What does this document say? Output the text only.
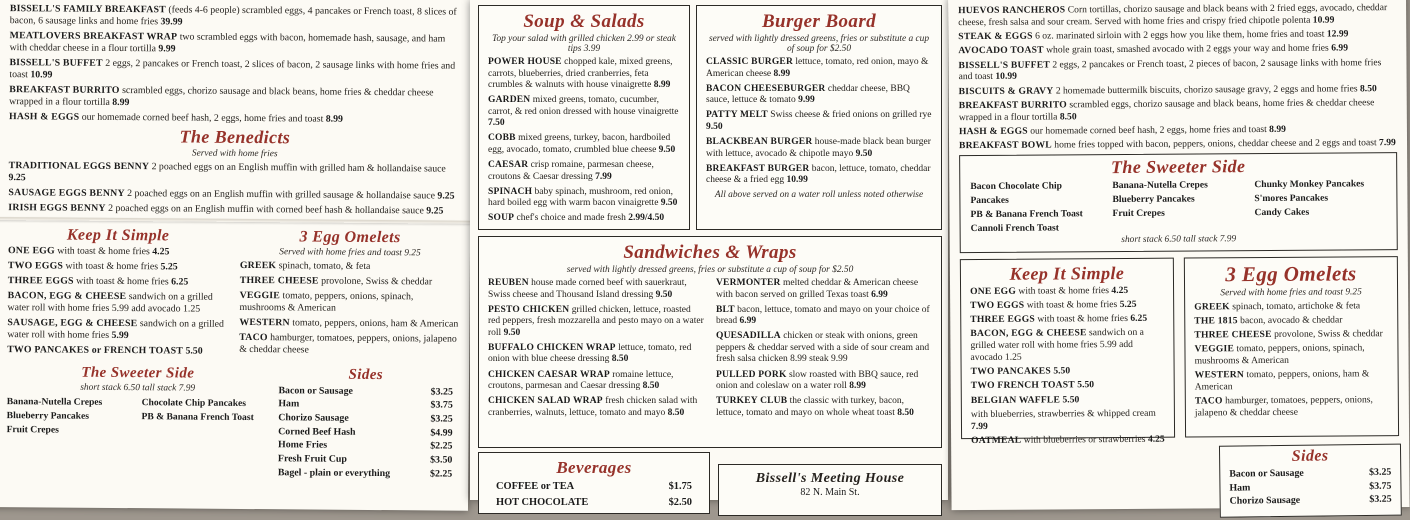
BISSELL'S FAMILY BREAKFAST (feeds 4-6 people) scrambled eggs, 4 pancakes or French toast, 8 slices of bacon, 6 sausage links and home fries 39.99

MEATLOVERS BREAKFAST WRAP two scrambled eggs with bacon, homemade hash, sausage, and ham with cheddar cheese in a flour tortilla 9.99

BISSELL'S BUFFET 2 eggs, 2 pancakes or French toast, 2 slices of bacon, 2 sausage links with home fries and toast 10.99

BREAKFAST BURRITO scrambled eggs, chorizo sausage and black beans, home fries & cheddar cheese wrapped in a flour tortilla 8.99

HASH & EGGS our homemade corned beef hash, 2 eggs, home fries and toast 8.99

The Benedicts

Served with home fries

TRADITIONAL EGGS BENNY 2 poached eggs on an English muffin with grilled ham & hollandaise sauce 9.25

SAUSAGE EGGS BENNY 2 poached eggs on an English muffin with grilled sausage & hollandaise sauce 9.25

IRISH EGGS BENNY 2 poached eggs on an English muffin with corned beef hash & hollandaise sauce 9.25

Keep It Simple

ONE EGG with toast & home fries 4.25

TWO EGGS with toast & home fries 5.25

THREE EGGS with toast & home fries 6.25

BACON, EGG & CHEESE sandwich on a grilled water roll with home fries 5.99 add avocado 1.25

SAUSAGE, EGG & CHEESE sandwich on a grilled water roll with home fries 5.99

TWO PANCAKES or FRENCH TOAST 5.50

3 Egg Omelets

Served with home fries and toast 9.25

GREEK spinach, tomato, & feta

THREE CHEESE provolone, Swiss & cheddar

VEGGIE tomato, peppers, onions, spinach, mushrooms & American

WESTERN tomato, peppers, onions, ham & American

TACO hamburger, tomatoes, peppers, onions, jalapeno & cheddar cheese

The Sweeter Side

short stack 6.50 tall stack 7.99

Banana-Nutella Crepes

Blueberry Pancakes

Fruit Crepes

Chocolate Chip Pancakes

PB & Banana French Toast

Sides
Bacon or Sausage	$3.25
Ham	$3.75
Chorizo Sausage	$3.25
Corned Beef Hash	$4.99
Home Fries	$2.25
Fresh Fruit Cup	$3.50
Bagel - plain or everything	$2.25
Soup & Salads

Top your salad with grilled chicken 2.99 or steak tips 3.99

POWER HOUSE chopped kale, mixed greens, carrots, blueberries, dried cranberries, feta crumbles & walnuts with house vinaigrette 8.99

GARDEN mixed greens, tomato, cucumber, carrot, & red onion dressed with house vinaigrette 7.50

COBB mixed greens, turkey, bacon, hardboiled egg, avocado, tomato, crumbled blue cheese 9.50

CAESAR crisp romaine, parmesan cheese, croutons & Caesar dressing 7.99

SPINACH baby spinach, mushroom, red onion, hard boiled egg with warm bacon vinaigrette 9.50

SOUP chef's choice and made fresh 2.99/4.50

Burger Board

served with lightly dressed greens, fries or substitute a cup of soup for $2.50

CLASSIC BURGER lettuce, tomato, red onion, mayo & American cheese 8.99

BACON CHEESEBURGER cheddar cheese, BBQ sauce, lettuce & tomato 9.99

PATTY MELT Swiss cheese & fried onions on grilled rye 9.50

BLACKBEAN BURGER house-made black bean burger with lettuce, avocado & chipotle mayo 9.50

BREAKFAST BURGER bacon, lettuce, tomato, cheddar cheese & a fried egg 10.99

All above served on a water roll unless noted otherwise

Sandwiches & Wraps

served with lightly dressed greens, fries or substitute a cup of soup for $2.50

REUBEN house made corned beef with sauerkraut, Swiss cheese and Thousand Island dressing 9.50

PESTO CHICKEN grilled chicken, lettuce, roasted red peppers, fresh mozzarella and pesto mayo on a water roll 9.50

BUFFALO CHICKEN WRAP lettuce, tomato, red onion with blue cheese dressing 8.50

CHICKEN CAESAR WRAP romaine lettuce, croutons, parmesan and Caesar dressing 8.50

CHICKEN SALAD WRAP fresh chicken salad with cranberries, walnuts, lettuce, tomato and mayo 8.50

VERMONTER melted cheddar & American cheese with bacon served on grilled Texas toast 6.99

BLT bacon, lettuce, tomato and mayo on your choice of bread 6.99

QUESADILLA chicken or steak with onions, green peppers & cheddar served with a side of sour cream and fresh salsa chicken 8.99 steak 9.99

PULLED PORK slow roasted with BBQ sauce, red onion and coleslaw on a water roll 8.99

TURKEY CLUB the classic with turkey, bacon, lettuce, tomato and mayo on whole wheat toast 8.50

Beverages
COFFEE or TEA	$1.75
HOT CHOCOLATE	$2.50

Bissell's Meeting House

82 N. Main St.

HUEVOS RANCHEROS Corn tortillas, chorizo sausage and black beans with 2 fried eggs, avocado, cheddar cheese, fresh salsa and sour cream. Served with home fries and crispy fried chipotle polenta 10.99

STEAK & EGGS 6 oz. marinated sirloin with 2 eggs how you like them, home fries and toast 12.99

AVOCADO TOAST whole grain toast, smashed avocado with 2 eggs your way and home fries 6.99

BISSELL'S BUFFET 2 eggs, 2 pancakes or French toast, 2 pieces of bacon, 2 sausage links with home fries and toast 10.99

BISCUITS & GRAVY 2 homemade buttermilk biscuits, chorizo sausage gravy, 2 eggs and home fries 8.50

BREAKFAST BURRITO scrambled eggs, chorizo sausage and black beans, home fries & cheddar cheese wrapped in a flour tortilla 8.50

HASH & EGGS our homemade corned beef hash, 2 eggs, home fries and toast 8.99

BREAKFAST BOWL home fries topped with bacon, peppers, onions, cheddar cheese and 2 eggs and toast 7.99

The Sweeter Side

Bacon Chocolate Chip Pancakes

PB & Banana French Toast

Cannoli French Toast

Banana-Nutella Crepes

Blueberry Pancakes

Fruit Crepes

Chunky Monkey Pancakes

S'mores Pancakes

Candy Cakes

short stack 6.50 tall stack 7.99

Keep It Simple

ONE EGG with toast & home fries 4.25

TWO EGGS with toast & home fries 5.25

THREE EGGS with toast & home fries 6.25

BACON, EGG & CHEESE sandwich on a grilled water roll with home fries 5.99 add avocado 1.25

TWO PANCAKES 5.50

TWO FRENCH TOAST 5.50

BELGIAN WAFFLE 5.50

with blueberries, strawberries & whipped cream 7.99

OATMEAL with blueberries or strawberries 4.25

3 Egg Omelets

Served with home fries and toast 9.25

GREEK spinach, tomato, artichoke & feta

THE 1815 bacon, avocado & cheddar

THREE CHEESE provolone, Swiss & cheddar

VEGGIE tomato, peppers, onions, spinach, mushrooms & American

WESTERN tomato, peppers, onions, ham & American

TACO hamburger, tomatoes, peppers, onions, jalapeno & cheddar cheese

Sides
Bacon or Sausage	$3.25
Ham	$3.75
Chorizo Sausage	$3.25
